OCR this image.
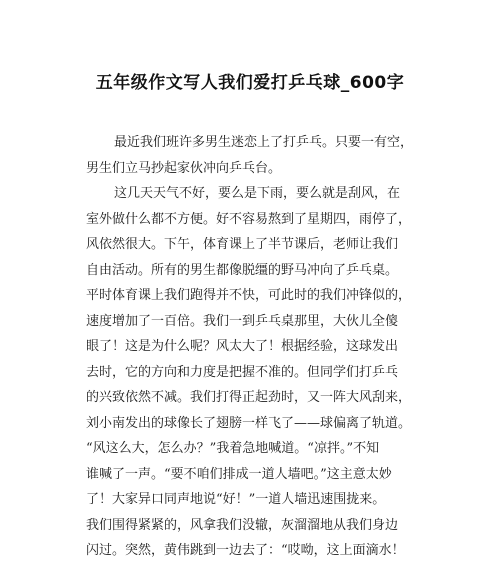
五年级作文写人我们爱打乒乓球_600字
最近我们班许多男生迷恋上了打乒乓。只要一有空，
男生们立马抄起家伙冲向乒乓台。
这几天天气不好，要么是下雨，要么就是刮风，在
室外做什么都不方便。好不容易熬到了星期四，雨停了，
风依然很大。下午，体育课上了半节课后，老师让我们
自由活动。所有的男生都像脱缰的野马冲向了乒乓桌。
平时体育课上我们跑得并不快，可此时的我们冲锋似的，
速度增加了一百倍。我们一到乒乓桌那里，大伙儿全傻
眼了！这是为什么呢？风太大了！根据经验，这球发出
去时，它的方向和力度是把握不准的。但同学们打乒乓
的兴致依然不减。我们打得正起劲时，又一阵大风刮来，
刘小南发出的球像长了翅膀一样飞了——球偏离了轨道。
“风这么大，怎么办？”我着急地喊道。“凉拌。”不知
谁喊了一声。“要不咱们排成一道人墙吧。”这主意太妙
了！大家异口同声地说“好！”一道人墙迅速围拢来。
我们围得紧紧的，风拿我们没辙，灰溜溜地从我们身边
闪过。突然，黄伟跳到一边去了：“哎呦，这上面滴水！
